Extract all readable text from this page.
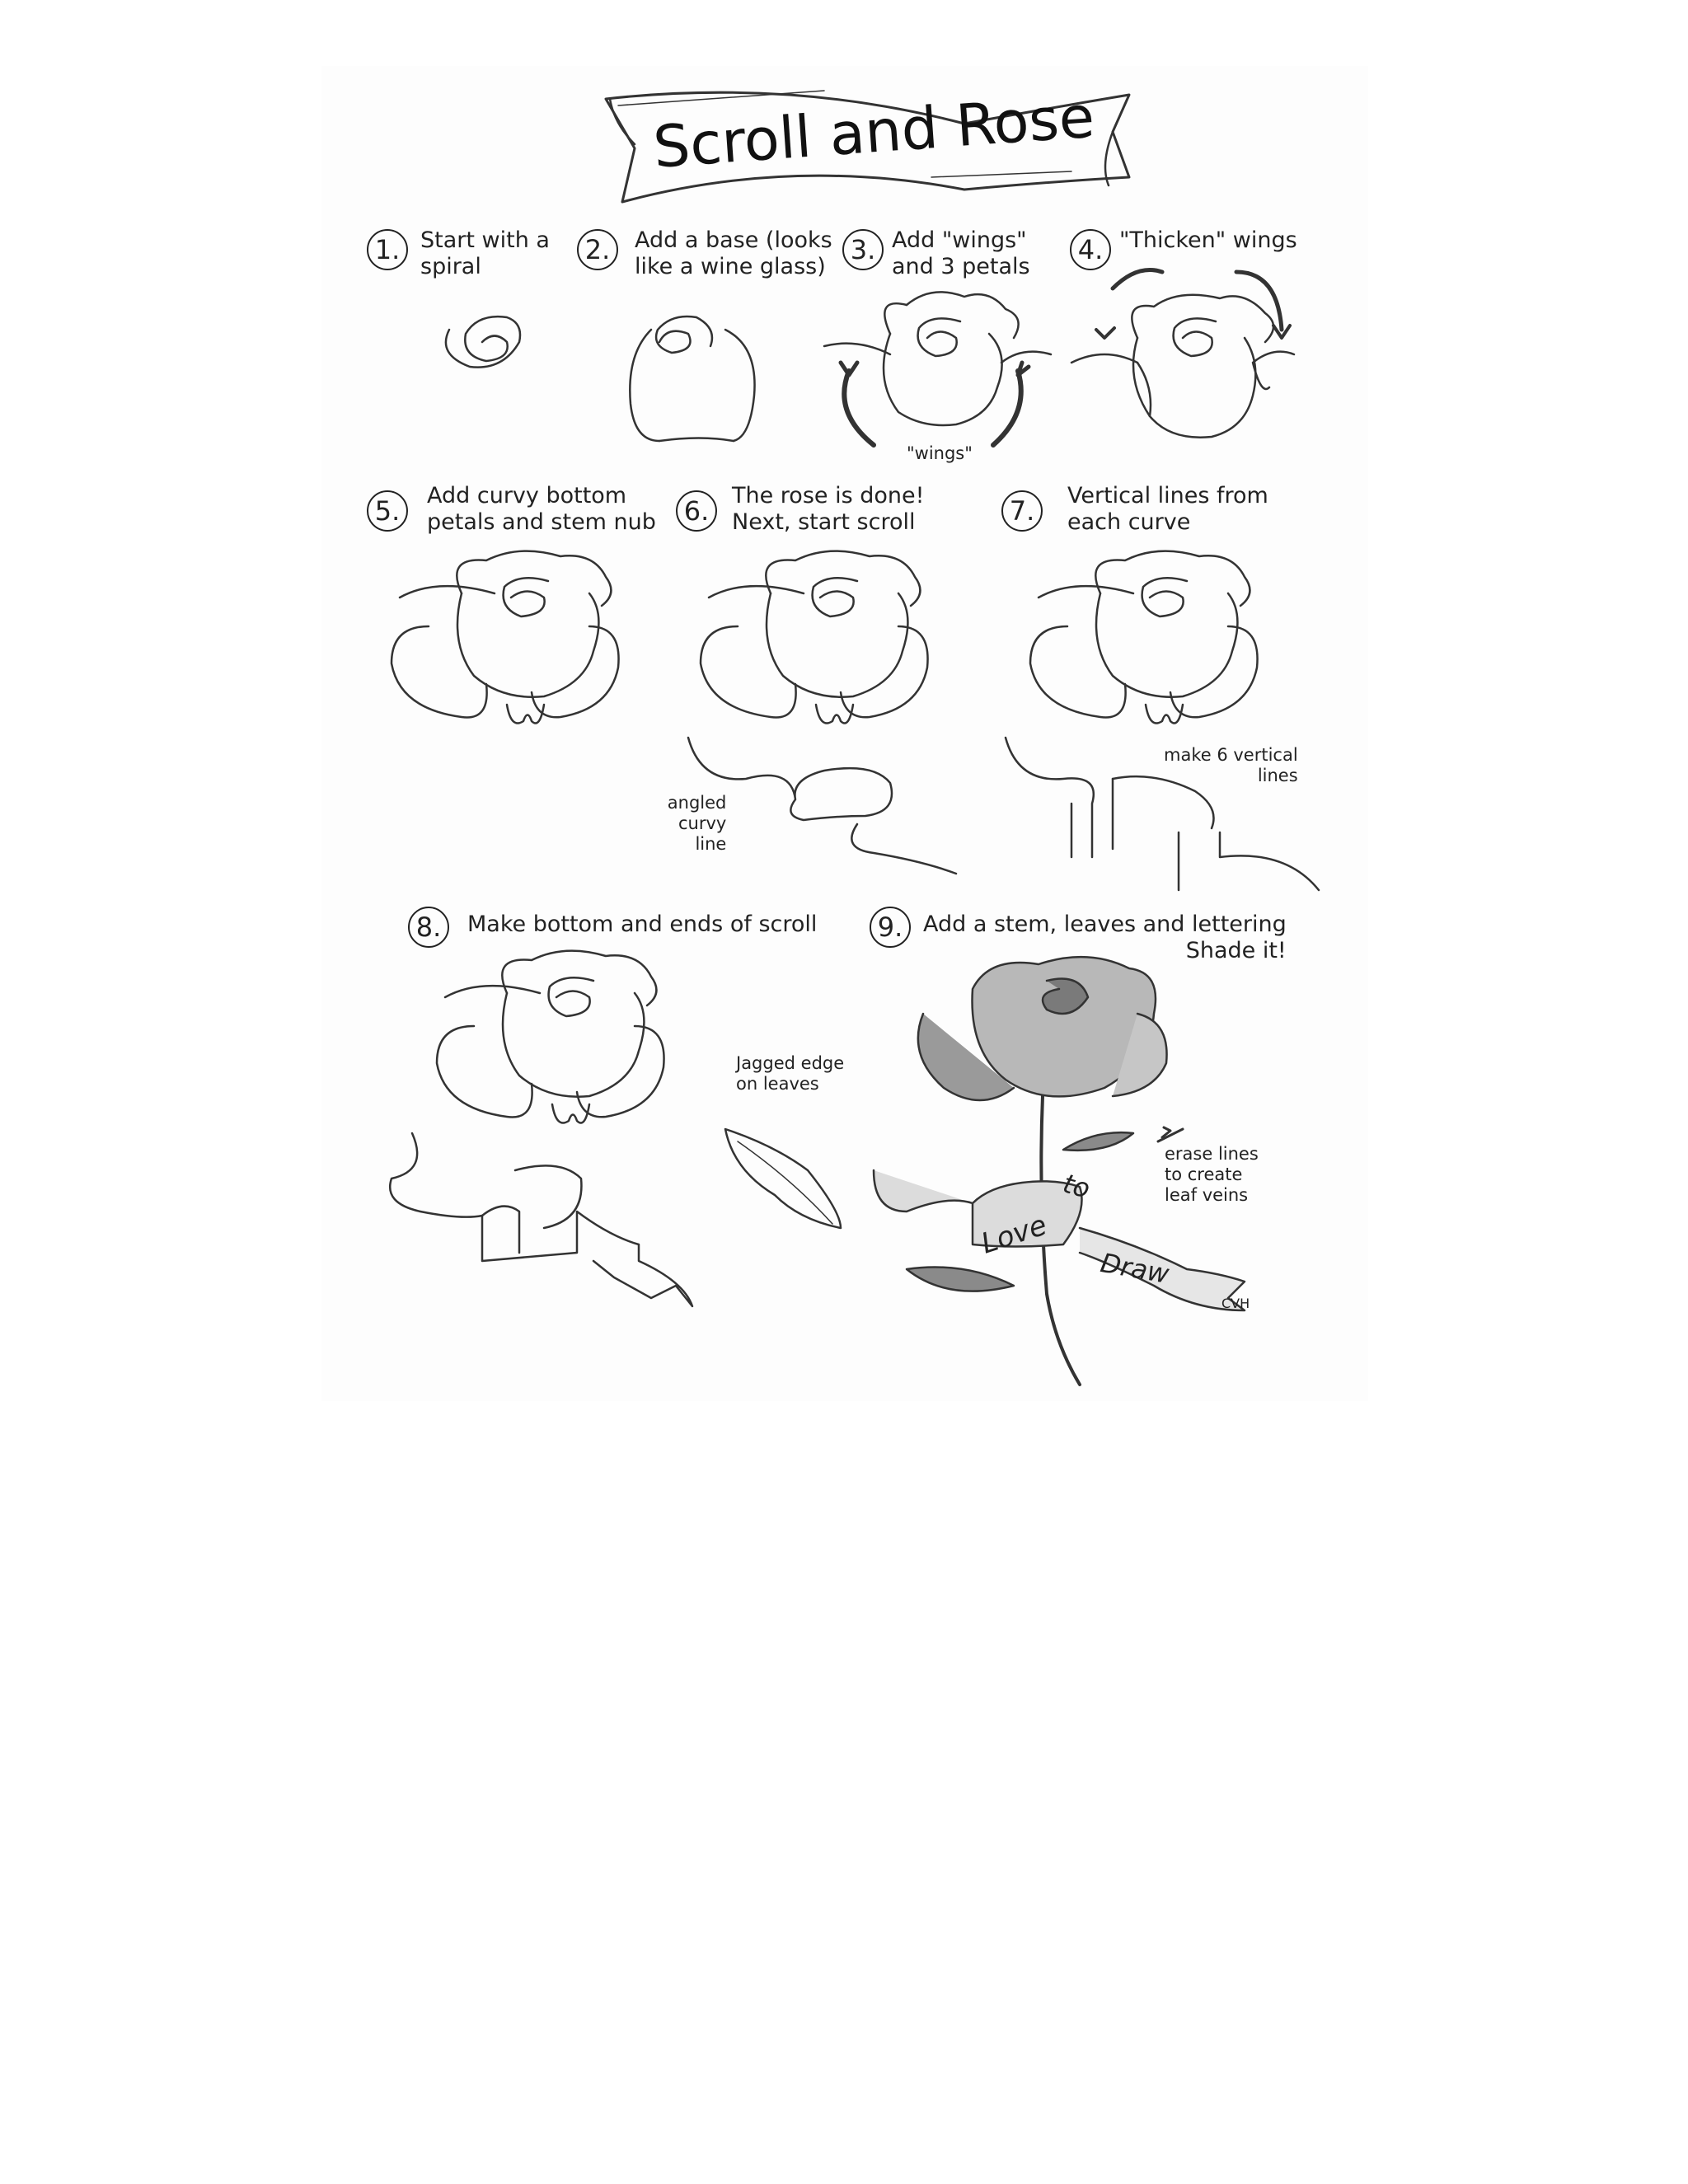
Scroll and Rose
1. Start with a
spiral
2.	Add a base (looks
like a wine glass)
3. Add "wings"
and 3 petals
4. "Thicken" wings
"wings"
5.	Add curvy bottom
petals and stem nub	6.	The rose is done!
Next, start scroll	7.	Vertical lines from
each curve
angled
curvy
line
make 6 vertical
lines
8.	Make bottom and ends of scroll	9. Add a stem, leaves and lettering
Shade it!
Jagged edge
on leaves
erase lines
to create
leaf veins
Love
to
Draw
CVH
